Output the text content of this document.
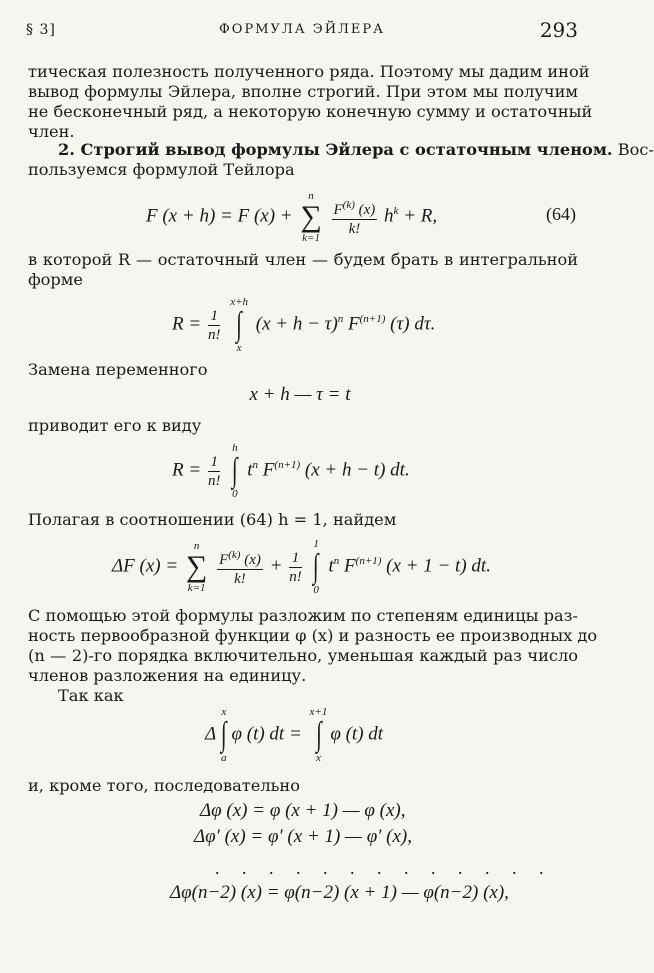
§ 3]	ФОРМУЛА ЭЙЛЕРА	293
тическая полезность полученного ряда. Поэтому мы дадим иной
вывод формулы Эйлера, вполне строгий. При этом мы получим
не бесконечный ряд, а некоторую конечную сумму и остаточный
член.
2. Строгий вывод формулы Эйлера с остаточным членом. Вос-
пользуемся формулой Тейлора
F (x + h) = F (x) +
n
∑
k=1
$\frac{F^{(k)} (x)}{k!} h^k + R$,	(64)
в которой R — остаточный член — будем брать в интегральной
форме
$R = \frac{1}{n!}$

x+h
∫
x
$(x + h - \tau)^n$ $F^{(n+1)}$ (τ) dτ.
Замена переменного
x + h — τ = t
приводит его к виду
$R = \frac{1}{n!}$

h
∫
0
$t^n$ $F^{(n+1)}$ (x + h − t) dt.
Полагая в соотношении (64) h = 1, найдем
ΔF (x) =
n
∑
k=1
$\frac{F^{(k)} (x)}{k!} + \frac{1}{n!}$

1
∫
0
$t^n$ $F^{(n+1)}$ (x + 1 − t) dt.
С помощью этой формулы разложим по степеням единицы раз-
ность первообразной функции φ (x) и разность ее производных до
(n — 2)-го порядка включительно, уменьшая каждый раз число
членов разложения на единицу.
Так как
Δ
x
∫
a
φ (t) dt =
x+1
∫
x
φ (t) dt
и, кроме того, последовательно
Δφ (x) = φ (x + 1) — φ (x),
Δφ′ (x) = φ′ (x + 1) — φ′ (x),
. . . . . . . . . . . . .
Δφ(n−2) (x) = φ(n−2) (x + 1) — φ(n−2) (x),
